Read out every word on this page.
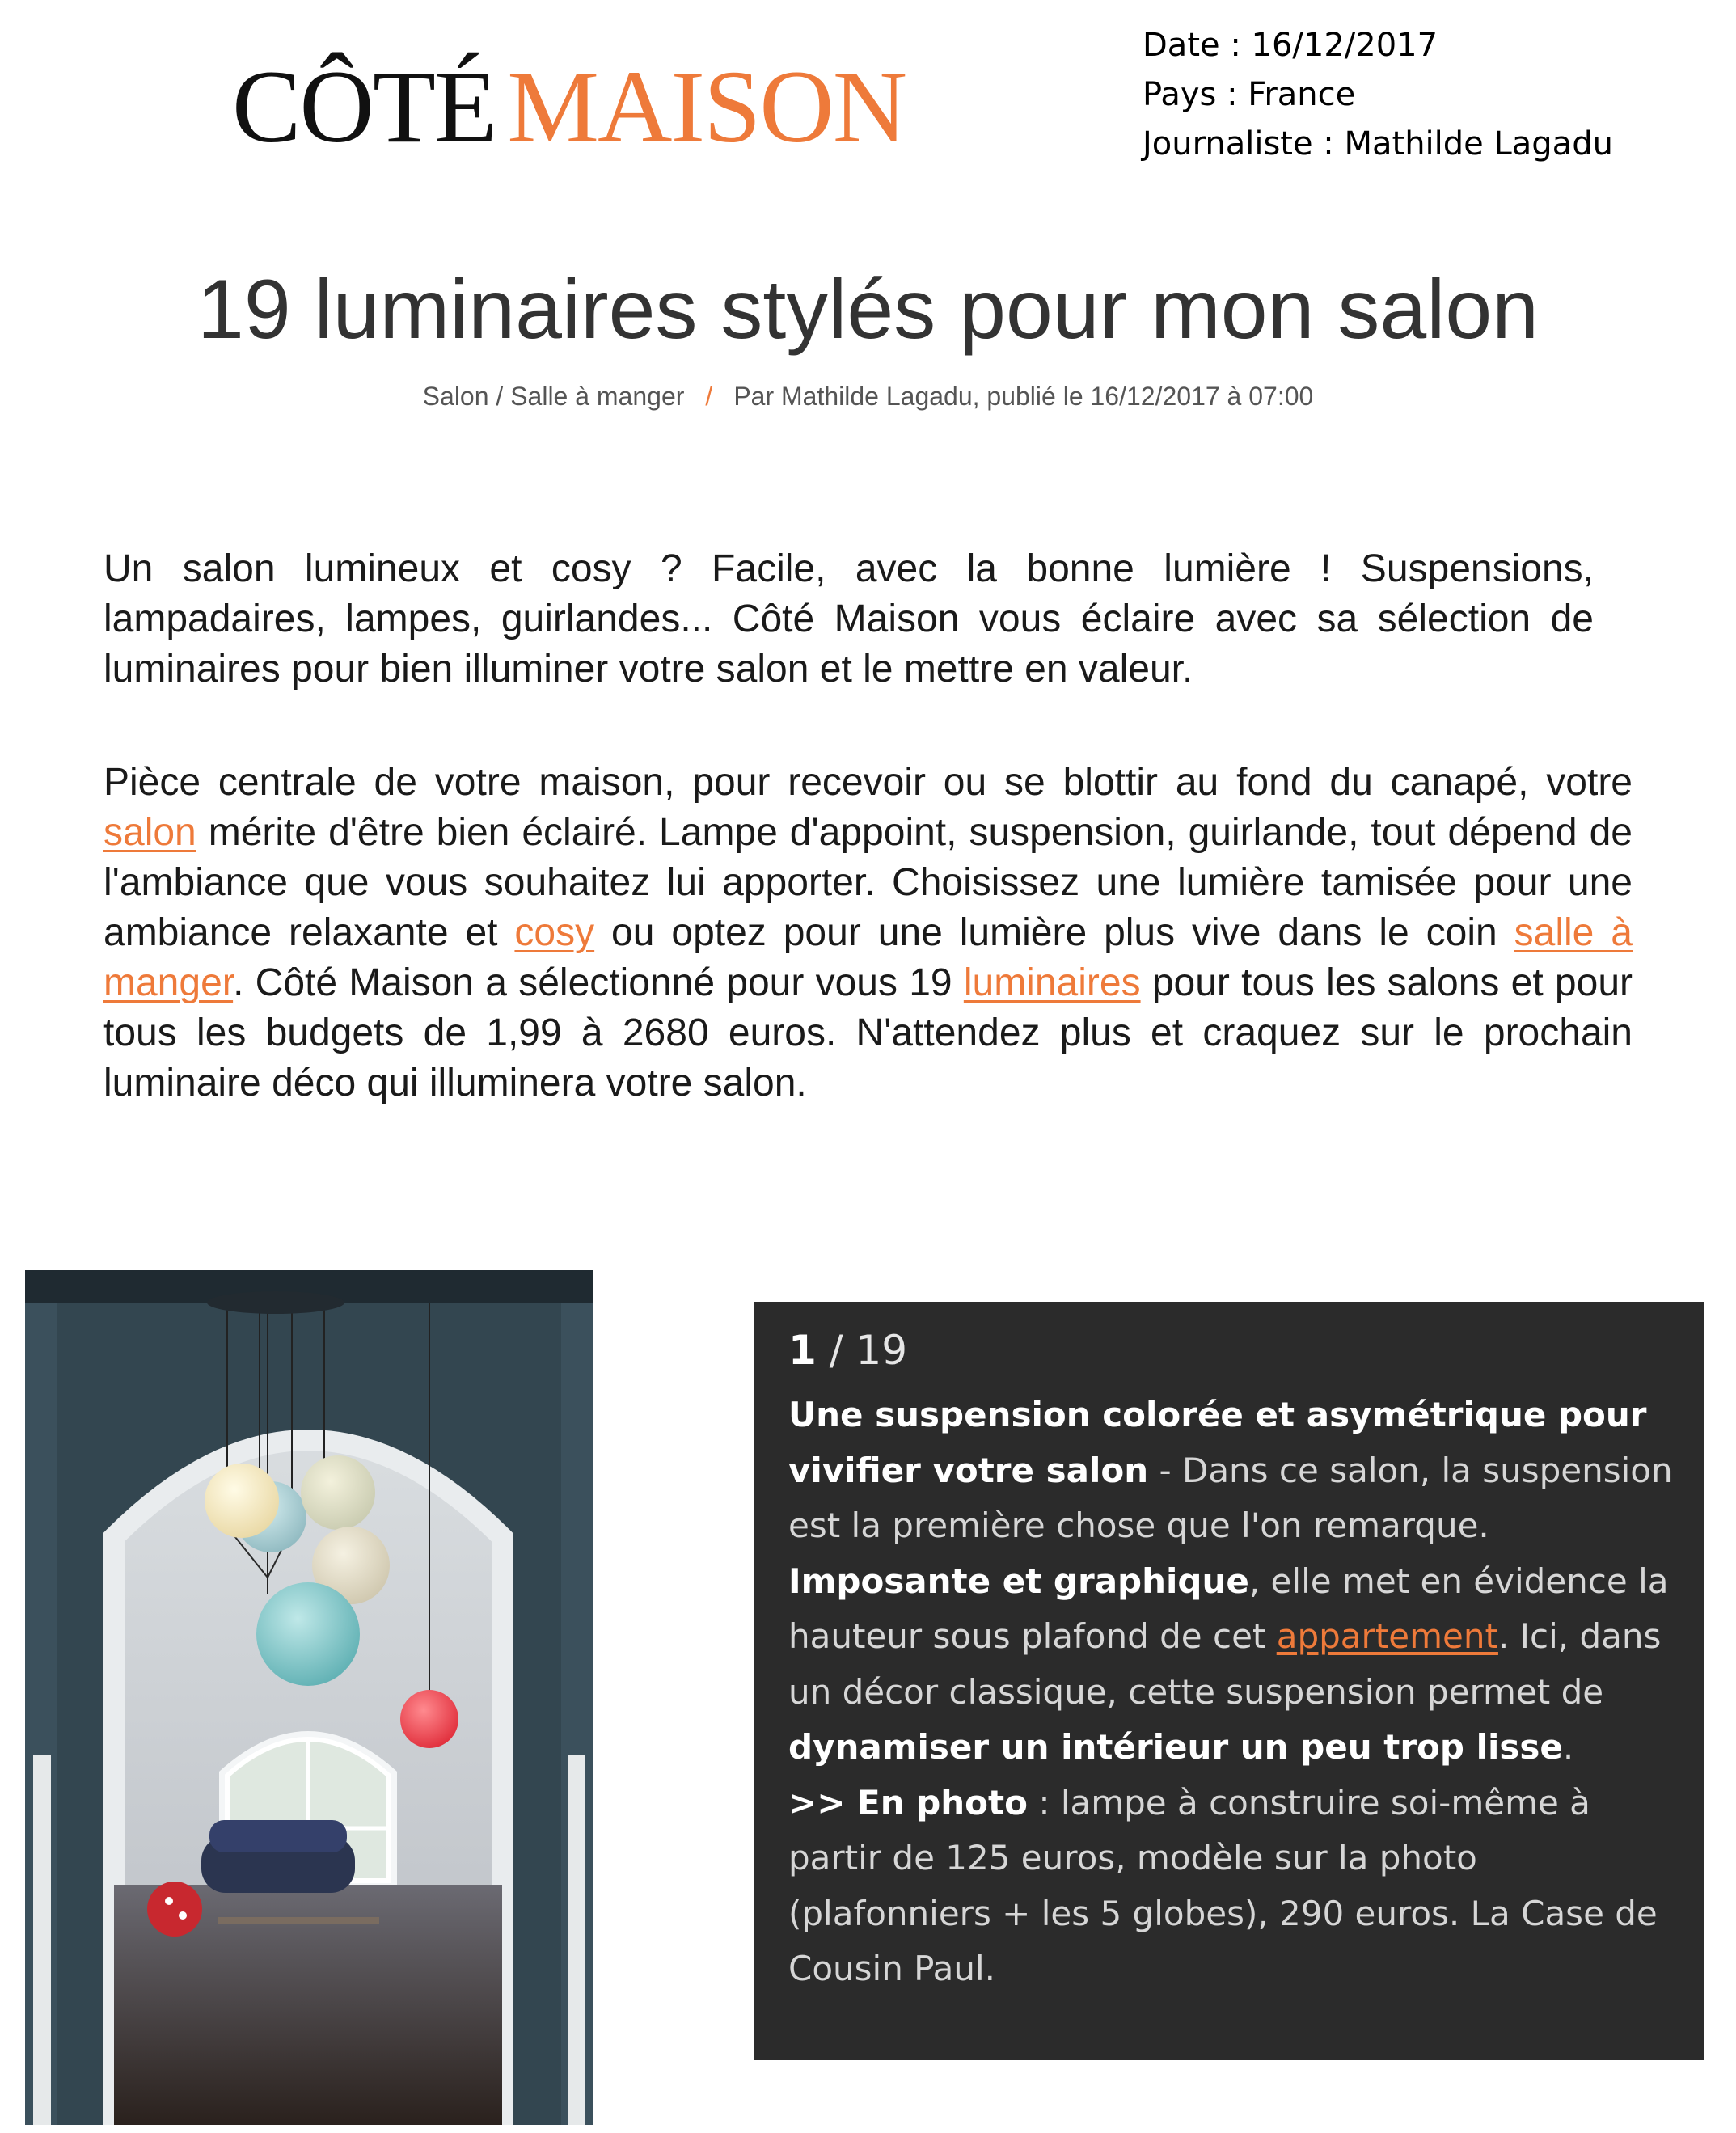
CÔTÉ MAISON
Date : 16/12/2017
Pays : France
Journaliste : Mathilde Lagadu
19 luminaires stylés pour mon salon
Salon / Salle à manger / Par Mathilde Lagadu, publié le 16/12/2017 à 07:00

Un salon lumineux et cosy ? Facile, avec la bonne lumière ! Suspensions, lampadaires, lampes, guirlandes... Côté Maison vous éclaire avec sa sélection de luminaires pour bien illuminer votre salon et le mettre en valeur.

Pièce centrale de votre maison, pour recevoir ou se blottir au fond du canapé, votre salon mérite d'être bien éclairé. Lampe d'appoint, suspension, guirlande, tout dépend de l'ambiance que vous souhaitez lui apporter. Choisissez une lumière tamisée pour une ambiance relaxante et cosy ou optez pour une lumière plus vive dans le coin salle à manger. Côté Maison a sélectionné pour vous 19 luminaires pour tous les salons et pour tous les budgets de 1,99 à 2680 euros. N'attendez plus et craquez sur le prochain luminaire déco qui illuminera votre salon.

1 / 19

Une suspension colorée et asymétrique pour vivifier votre salon - Dans ce salon, la suspension est la première chose que l'on remarque. Imposante et graphique, elle met en évidence la hauteur sous plafond de cet appartement. Ici, dans un décor classique, cette suspension permet de dynamiser un intérieur un peu trop lisse.
>> En photo : lampe à construire soi-même à partir de 125 euros, modèle sur la photo (plafonniers + les 5 globes), 290 euros. La Case de Cousin Paul.
